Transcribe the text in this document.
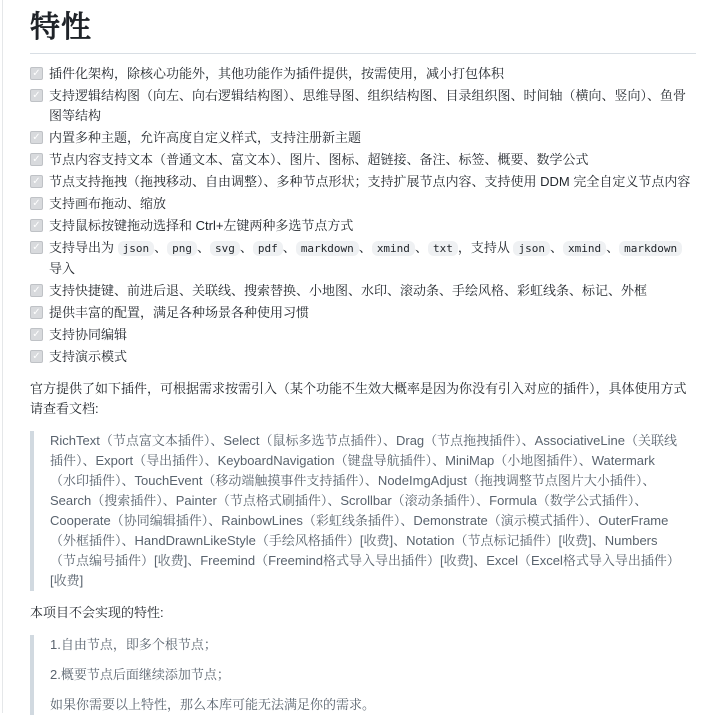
特性
✓ 插件化架构，除核心功能外，其他功能作为插件提供，按需使用，减小打包体积
✓ 支持逻辑结构图（向左、向右逻辑结构图）、思维导图、组织结构图、目录组织图、时间轴（横向、竖向）、鱼骨图等结构
✓ 内置多种主题，允许高度自定义样式，支持注册新主题
✓ 节点内容支持文本（普通文本、富文本）、图片、图标、超链接、备注、标签、概要、数学公式
✓ 节点支持拖拽（拖拽移动、自由调整）、多种节点形状；支持扩展节点内容、支持使用 DDM 完全自定义节点内容
✓ 支持画布拖动、缩放
✓ 支持鼠标按键拖动选择和 Ctrl+左键两种多选节点方式
✓ 支持导出为 json 、 png 、 svg 、 pdf 、 markdown 、 xmind 、 txt ，支持从 json 、 xmind 、 markdown 导入
✓ 支持快捷键、前进后退、关联线、搜索替换、小地图、水印、滚动条、手绘风格、彩虹线条、标记、外框
✓ 提供丰富的配置，满足各种场景各种使用习惯
✓ 支持协同编辑
✓ 支持演示模式

官方提供了如下插件，可根据需求按需引入（某个功能不生效大概率是因为你没有引入对应的插件），具体使用方式请查看文档:

RichText（节点富文本插件）、Select（鼠标多选节点插件）、Drag（节点拖拽插件）、AssociativeLine（关联线插件）、Export（导出插件）、KeyboardNavigation（键盘导航插件）、MiniMap（小地图插件）、Watermark（水印插件）、TouchEvent（移动端触摸事件支持插件）、NodeImgAdjust（拖拽调整节点图片大小插件）、Search（搜索插件）、Painter（节点格式刷插件）、Scrollbar（滚动条插件）、Formula（数学公式插件）、Cooperate（协同编辑插件）、RainbowLines（彩虹线条插件）、Demonstrate（演示模式插件）、OuterFrame（外框插件）、HandDrawnLikeStyle（手绘风格插件）[收费]、Notation（节点标记插件）[收费]、Numbers（节点编号插件）[收费]、Freemind（Freemind格式导入导出插件）[收费]、Excel（Excel格式导入导出插件）[收费]

本项目不会实现的特性:

1.自由节点，即多个根节点；

2.概要节点后面继续添加节点；

如果你需要以上特性，那么本库可能无法满足你的需求。
